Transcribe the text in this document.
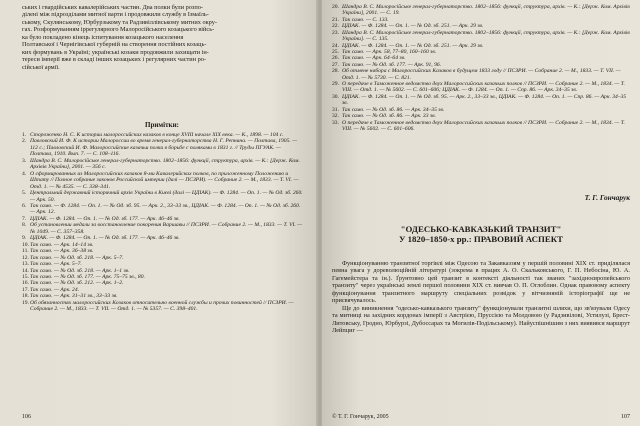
ських і гвардійських кавалерійських частин. Два полки були розпо-

ділені між підрозділами митної варти і продовжили службу в Ізмаїль-

ському, Скулянському, Юрбурзькому та Радзивіллівському митних окру-

гах. Розформуванням іррегулярного Малоросійського козацького війсь-

ка було покладено кінець іспитування козацького населення

Полтавської і Чернігівської губерній на створення постійних козаць-

ких формувань в Україні; українські козаки продовжили захищати ін-

тереси імперії вже в складі інших козацьких і регулярних частин ро-

сійської армії.

Примітки:

1. Стороженко Н. С. К истории малороссийских казаков в конце XVIII начале XIX века. — К., 1898. — 104 с.

2. Павловский И. Ф. К истории Малороссии во время генерал-губернаторства Н. Г. Репнина. — Полтава, 1905. — 112 с.; Павловский И. Ф. Малороссийские казачьи полки в борьбе с поляками в 1831 г. // Труды ПГУАК. — Полтава, 1910. Вып. 7. — С. 108–116.

3. Шандра В. С. Малоросійське генерал-губернаторство. 1802–1856: функції, структура, архів. — К.: [Держ. Ком. Архівів України], 2001. — 356 с.

4. О сформированных из Малороссийских казаков 8-ми Кавалерийских полков, по приложенному Положению и Штату // Полное собрание законов Российской империи (далі — ПСЗРИ). — Собрание 2. — М., 1833. — Т. VI. — Отд. 1. — № 4535. — С. 338–341.

5. Центральний державний історичний архів України в Києві (далі — ЦДІАК). — Ф. 1284. — Оп. 1. — № Од. зб. 260. — Арк. 50.

6. Так само. — Ф. 1284. — Оп. 1. — № Од. зб. 95. — Арк. 2., 33–33 зв., ЦДІАК. — Ф. 1284. — Оп. 1. — № Од. зб. 260. — Арк. 12.

7. ЦДІАК. — Ф. 1284. — Оп. 1. — № Од. зб. 177. — Арк. 46–46 зв.

8. Об установлении медали за восстановление покорения Варшавы // ПСЗРИ. — Собрание 2. — М., 1833. — Т. VI. — № 1049. — С. 357–358.

9. ЦДІАК. — Ф. 1284. — Оп. 1. — № Од. зб. 177. — Арк. 46–46 зв.

10. Так само. — Арк. 14–14 зв.

11. Так само. — Арк. 36–38 зв.

12. Так само. — № Од. зб. 218. — Арк. 5–7.

13. Так само. — Арк. 5–7.

14. Так само. — № Од. зб. 218. — Арк. 1–1 зв.

15. Так само. — № Од. зб. 177. — Арк. 75–75 зв., 80.

16. Так само. — № Од. зб. 212. — Арк. 1–2.

17. Так само. — Арк. 24.

18. Так само. — Арк. 31–31 зв., 33–33 зв.

19. Об обязанностях малороссийских Козаков относительно военной службы и прочих повинностей // ПСЗРИ. — Собрание 2. — М., 1833. — Т. VII. — Отд. 1. — № 5357. — С. 398–401.

106

20. Шандра В. С. Малоросійське генерал-губернаторство. 1802–1856: функції, структура, архів. — К.: [Держ. Ком. Архівів України], 2001. — С. 19.

21. Так само. — С. 133.

22. ЦДІАК. — Ф. 1284. — Оп. 1. — № Од. зб. 251. — Арк. 29 зв.

23. Шандра В. С. Малоросійське генерал-губернаторство. 1802–1856: функції, структура, архів. — К.: [Держ. Ком. Архівів України]. — С. 135.

24. ЦДІАК. — Ф. 1284. — Оп. 1. — № Од. зб. 251. — Арк. 29 зв.

25. Так само. — Арк. 58, 77–80, 160–160 зв.

26. Так само. — Арк. 64–64 зв.

27. Так само. — № Од. зб. 177. — Арк. 91, 96.

28. Об отмене набора с Малороссийских Казаков в будущем 1833 году // ПСЗРИ. — Собрание 2. — М., 1833. — Т. VII. — Отд. 1. — № 5730. — С. 821.

29. О передаче в Таможенное ведомство двух Малороссийских казачьих полков // ПСЗРИ. — Собрание 2. — М., 1834. — Т. VIII. — Отд. 1. — № 5602. — С. 601–606; ЦДІАК. — Ф. 1284. — Оп. 1. — Спр. 86. — Арк. 34–35 зв.

30. ЦДІАК. — Ф. 1284. — Оп. 1. — № Од. зб. 95. — Арк. 2., 33–33 зв., ЦДІАК. — Ф. 1284. — Оп. 1. — Спр. 86. — Арк. 34–35 зв.

31. Так само. — № Од. зб. 86. — Арк. 34–35 зв.

32. Так само. — № Од. зб. 86. — Арк. 33 зв.

33. О передаче в Таможенное ведомство двух Малороссийских казачьих полков // ПСЗРИ. — Собрание 2. — М., 1834. — Т. VIII. — № 5602. — С. 601–606.

Т. Г. Гончарук
"ОДЕСЬКО-КАВКАЗЬКИЙ ТРАНЗИТ"
У 1820–1850-х рр.: ПРАВОВИЙ АСПЕКТ

Функціонуванню транзитної торгівлі між Одесою та Закавказзям у першій половині XIX ст. приділялася певна увага у дореволюційній літературі (зокрема в працях А. О. Скальковського, Г. П. Небосіна, Ю. А. Гагемейстера та ін.). Ґрунтовно цей транзит в контексті діяльності так званих "західноєвропейського транзиту" через українські землі першої половини XIX ст. вивчав О. П. Оглоблин. Однак правовому аспекту функціонування транзитного маршруту спеціальних розвідок у вітчизняній історіографії ще не присвячувалось.

Ще до виникнення "одесько-кавказького транзиту" функціонували транзитні шляхи, що зв'язували Одесу та митниці на західних кордонах імперії з Австрією, Пруссією та Молдовою (у Радзивілові, Устилузі, Брест-Литовську, Гродно, Юрбурзі, Дубоссарах та Могилів-Подільському). Найуспішнішим з них виявився маршрут Лейпциг —

© Т. Г. Гончарук, 2005	107
